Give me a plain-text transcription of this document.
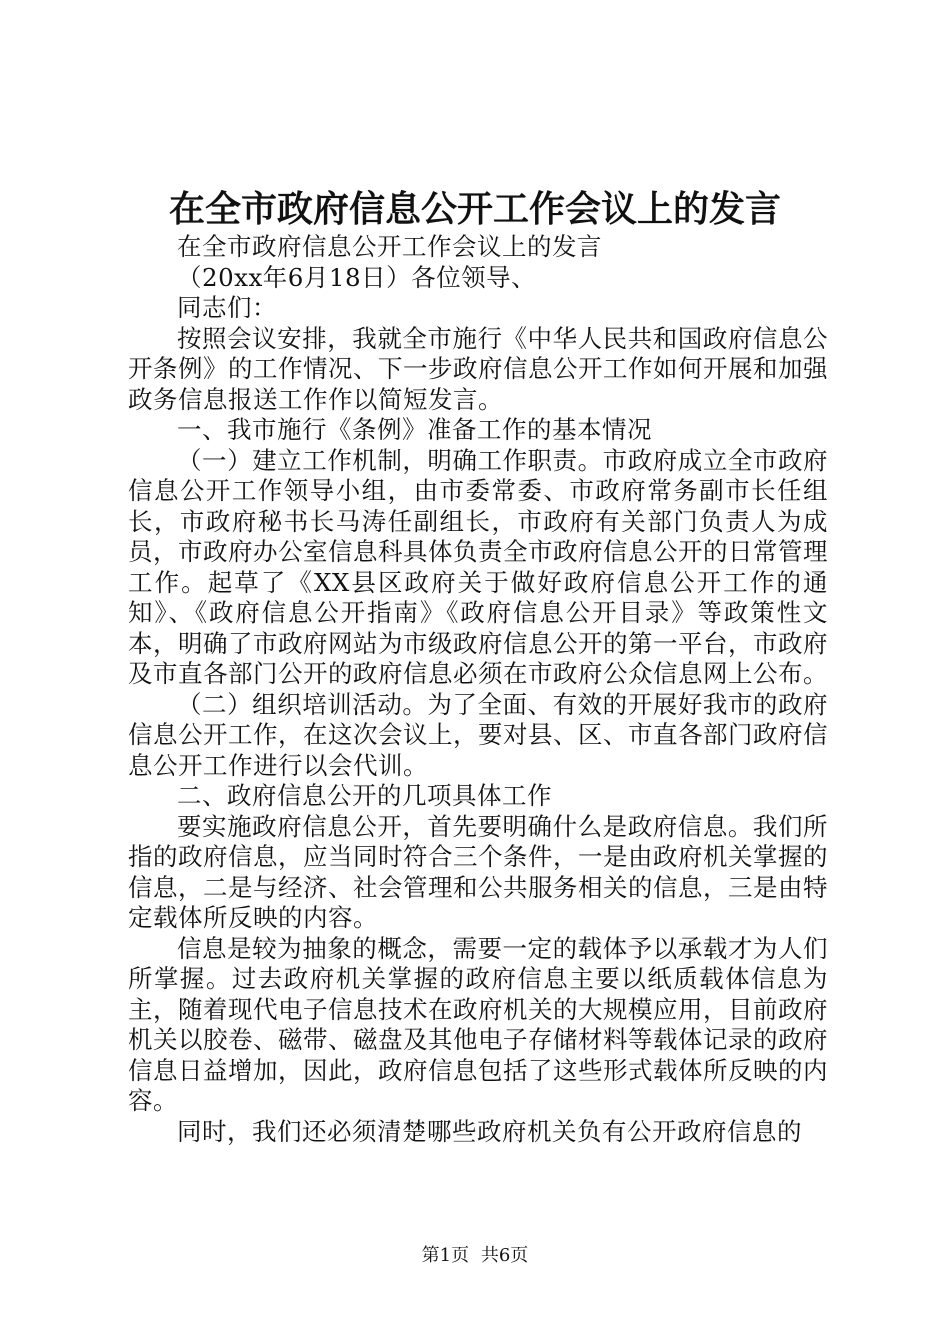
在全市政府信息公开工作会议上的发言

在全市政府信息公开工作会议上的发言

（20xx年6月18日）各位领导、

同志们：

按照会议安排，我就全市施行《中华人民共和国政府信息公开条例》的工作情况、下一步政府信息公开工作如何开展和加强政务信息报送工作作以简短发言。

一、我市施行《条例》准备工作的基本情况

（一）建立工作机制，明确工作职责。市政府成立全市政府信息公开工作领导小组，由市委常委、市政府常务副市长任组长，市政府秘书长马涛任副组长，市政府有关部门负责人为成员，市政府办公室信息科具体负责全市政府信息公开的日常管理工作。起草了《XX县区政府关于做好政府信息公开工作的通知》、《政府信息公开指南》《政府信息公开目录》等政策性文本，明确了市政府网站为市级政府信息公开的第一平台，市政府及市直各部门公开的政府信息必须在市政府公众信息网上公布。

（二）组织培训活动。为了全面、有效的开展好我市的政府信息公开工作，在这次会议上，要对县、区、市直各部门政府信息公开工作进行以会代训。

二、政府信息公开的几项具体工作

要实施政府信息公开，首先要明确什么是政府信息。我们所指的政府信息，应当同时符合三个条件，一是由政府机关掌握的信息，二是与经济、社会管理和公共服务相关的信息，三是由特定载体所反映的内容。

信息是较为抽象的概念，需要一定的载体予以承载才为人们所掌握。过去政府机关掌握的政府信息主要以纸质载体信息为主，随着现代电子信息技术在政府机关的大规模应用，目前政府机关以胶卷、磁带、磁盘及其他电子存储材料等载体记录的政府信息日益增加，因此，政府信息包括了这些形式载体所反映的内容。

同时，我们还必须清楚哪些政府机关负有公开政府信息的

第1页 共6页
